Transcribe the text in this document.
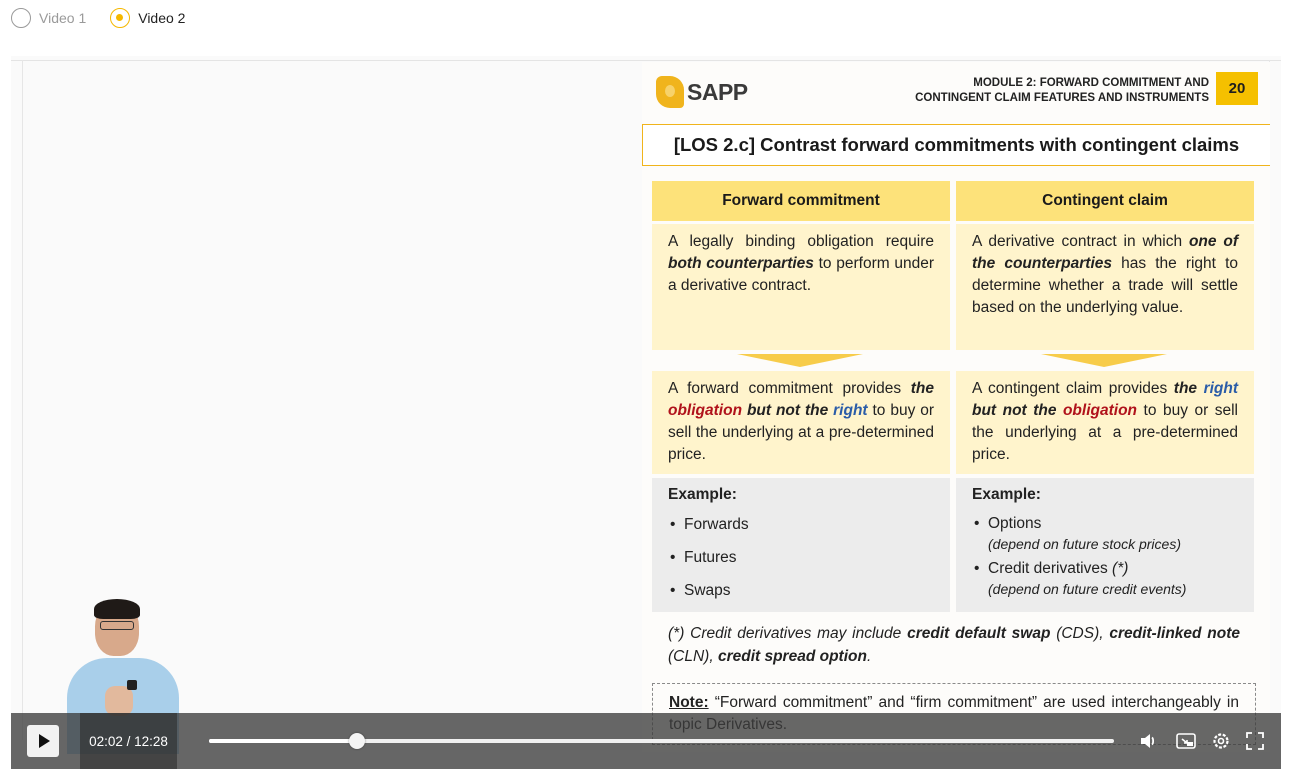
Video 1	Video 2
SAPP	MODULE 2: FORWARD COMMITMENT AND
CONTINGENT CLAIM FEATURES AND INSTRUMENTS
20
[LOS 2.c] Contrast forward commitments with contingent claims
Forward commitment
A legally binding obligation require both counterparties to perform under a derivative contract.
A forward commitment provides the obligation but not the right to buy or sell the underlying at a pre-determined price.
Example:
• Forwards
• Futures
• Swaps
Contingent claim
A derivative contract in which one of the counterparties has the right to determine whether a trade will settle based on the underlying value.
A contingent claim provides the right but not the obligation to buy or sell the underlying at a pre-determined price.
Example:
• Options
(depend on future stock prices)
• Credit derivatives (*)
(depend on future credit events)
(*) Credit derivatives may include credit default swap (CDS), credit-linked note (CLN), credit spread option.
Note: “Forward commitment” and “firm commitment” are used interchangeably in
02:02 / 12:28
